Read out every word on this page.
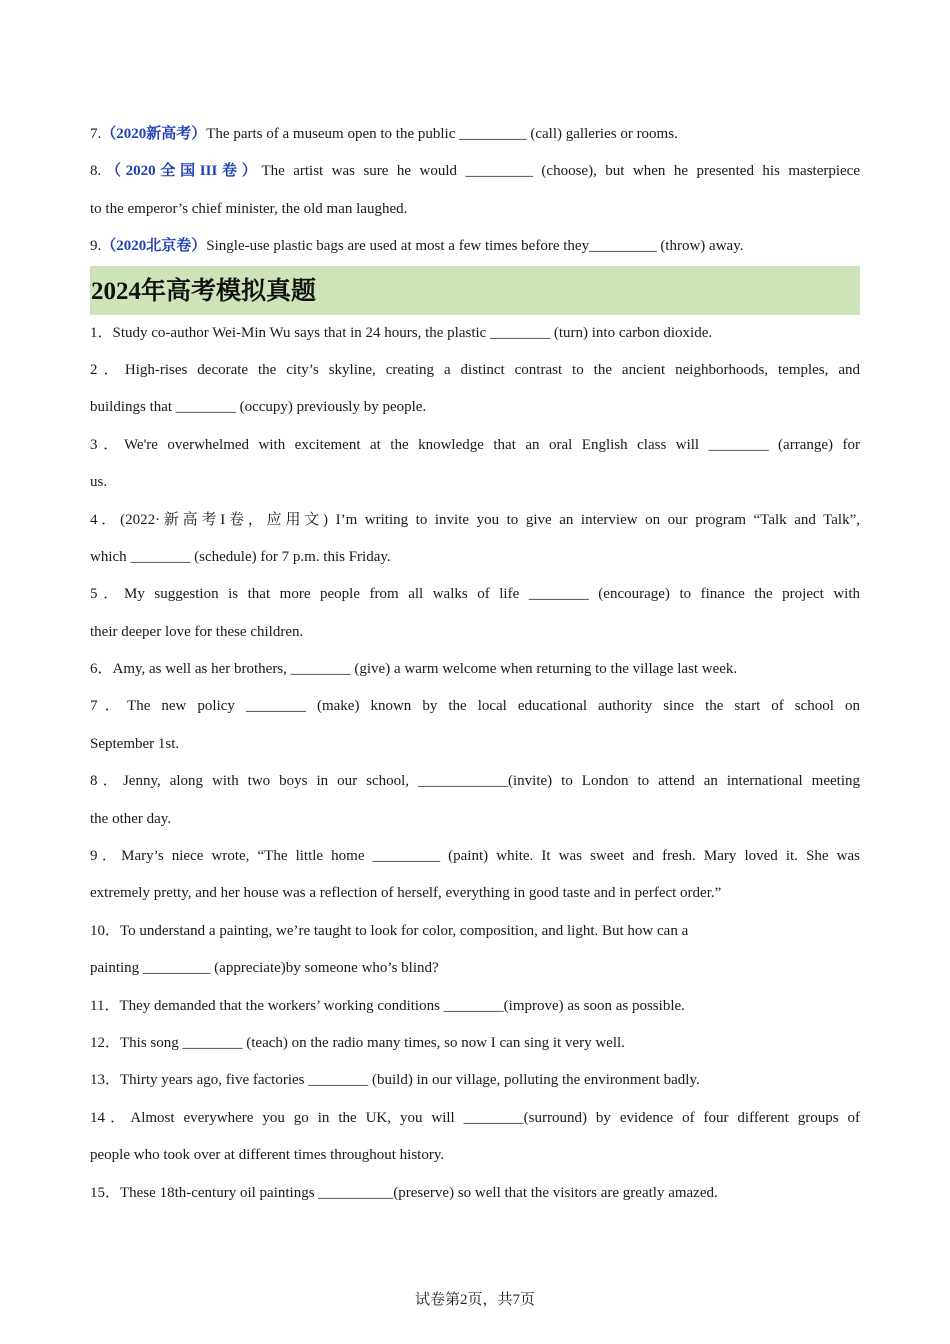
7.（2020新高考）The parts of a museum open to the public _________ (call) galleries or rooms.
8.（2020全国III卷）The artist was sure he would _________ (choose), but when he presented his masterpiece
to the emperor’s chief minister, the old man laughed.
9.（2020北京卷）Single-use plastic bags are used at most a few times before they_________ (throw) away.
2024年高考模拟真题
1．Study co-author Wei-Min Wu says that in 24 hours, the plastic ________ (turn) into carbon dioxide.
2．High-rises decorate the city’s skyline, creating a distinct contrast to the ancient neighborhoods, temples, and
buildings that ________ (occupy) previously by people.
3．We're overwhelmed with excitement at the knowledge that an oral English class will ________ (arrange) for
us.
4．(2022·新高考I卷，应用文) I’m writing to invite you to give an interview on our program “Talk and Talk”,
which ________ (schedule) for 7 p.m. this Friday.
5．My suggestion is that more people from all walks of life ________ (encourage) to finance the project with
their deeper love for these children.
6．Amy, as well as her brothers, ________ (give) a warm welcome when returning to the village last week.
7．The new policy ________ (make) known by the local educational authority since the start of school on
September 1st.
8．Jenny, along with two boys in our school, ____________(invite) to London to attend an international meeting
the other day.
9．Mary’s niece wrote, “The little home _________ (paint) white. It was sweet and fresh. Mary loved it. She was
extremely pretty, and her house was a reflection of herself, everything in good taste and in perfect order.”
10．To understand a painting, we’re taught to look for color, composition, and light. But how can a
painting _________ (appreciate)by someone who’s blind?
11．They demanded that the workers’ working conditions ________(improve) as soon as possible.
12．This song ________ (teach) on the radio many times, so now I can sing it very well.
13．Thirty years ago, five factories ________ (build) in our village, polluting the environment badly.
14．Almost everywhere you go in the UK, you will ________(surround) by evidence of four different groups of
people who took over at different times throughout history.
15．These 18th-century oil paintings __________(preserve) so well that the visitors are greatly amazed.
试卷第2页，共7页
